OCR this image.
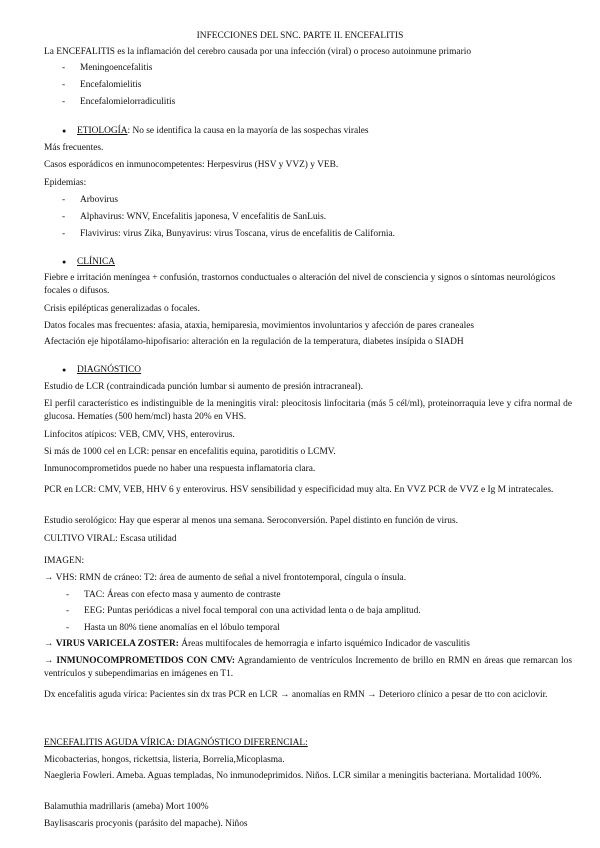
INFECCIONES DEL SNC. PARTE II. ENCEFALITIS
La ENCEFALITIS es la inflamación del cerebro causada por una infección (viral) o proceso autoinmune primario
- Meningoencefalitis
- Encefalomielitis
- Encefalomielorradiculitis
● ETIOLOGÍA: No se identifica la causa en la mayoría de las sospechas virales
Más frecuentes.
Casos esporádicos en inmunocompetentes: Herpesvirus (HSV y VVZ) y VEB.
Epidemias:
- Arbovirus
- Alphavirus: WNV, Encefalitis japonesa, V encefalitis de SanLuis.
- Flavivirus: virus Zika, Bunyavirus: virus Toscana, virus de encefalitis de California.
● CLÍNICA
Fiebre e irritación meníngea + confusión, trastornos conductuales o alteración del nivel de consciencia y signos o síntomas neurológicos focales o difusos.
Crisis epilépticas generalizadas o focales.
Datos focales mas frecuentes: afasia, ataxia, hemiparesia, movimientos involuntarios y afección de pares craneales
Afectación eje hipotálamo-hipofisario: alteración en la regulación de la temperatura, diabetes insípida o SIADH
● DIAGNÓSTICO
Estudio de LCR (contraindicada punción lumbar si aumento de presión intracraneal).
El perfil característico es indistinguible de la meningitis viral: pleocitosis linfocitaria (más 5 cél/ml), proteinorraquia leve y cifra normal de glucosa. Hematíes (500 hem/mcl) hasta 20% en VHS.
Linfocitos atípicos: VEB, CMV, VHS, enterovirus.
Si más de 1000 cel en LCR: pensar en encefalitis equina, parotiditis o LCMV.
Inmunocomprometidos puede no haber una respuesta inflamatoria clara.
PCR en LCR: CMV, VEB, HHV 6 y enterovirus. HSV sensibilidad y especificidad muy alta. En VVZ PCR de VVZ e Ig M intratecales.
Estudio serológico: Hay que esperar al menos una semana. Seroconversión. Papel distinto en función de virus.
CULTIVO VIRAL: Escasa utilidad
IMAGEN:
→ VHS: RMN de cráneo: T2: área de aumento de señal a nivel frontotemporal, cíngula o ínsula.
- TAC: Áreas con efecto masa y aumento de contraste
- EEG: Puntas periódicas a nivel focal temporal con una actividad lenta o de baja amplitud.
- Hasta un 80% tiene anomalías en el lóbulo temporal
→ VIRUS VARICELA ZOSTER: Áreas multifocales de hemorragia e infarto isquémico Indicador de vasculitis
→ INMUNOCOMPROMETIDOS CON CMV: Agrandamiento de ventrículos Incremento de brillo en RMN en áreas que remarcan los ventrículos y subependimarias en imágenes en T1.
Dx encefalitis aguda vírica: Pacientes sin dx tras PCR en LCR → anomalías en RMN → Deterioro clínico a pesar de tto con aciclovir.
ENCEFALITIS AGUDA VÍRICA: DIAGNÓSTICO DIFERENCIAL:
Micobacterias, hongos, rickettsia, listeria, Borrelia,Micoplasma.
Naegleria Fowleri. Ameba. Aguas templadas, No inmunodeprimidos. Niños. LCR similar a meningitis bacteriana. Mortalidad 100%.
Balamuthia madrillaris (ameba) Mort 100%
Baylisascaris procyonis (parásito del mapache). Niños
